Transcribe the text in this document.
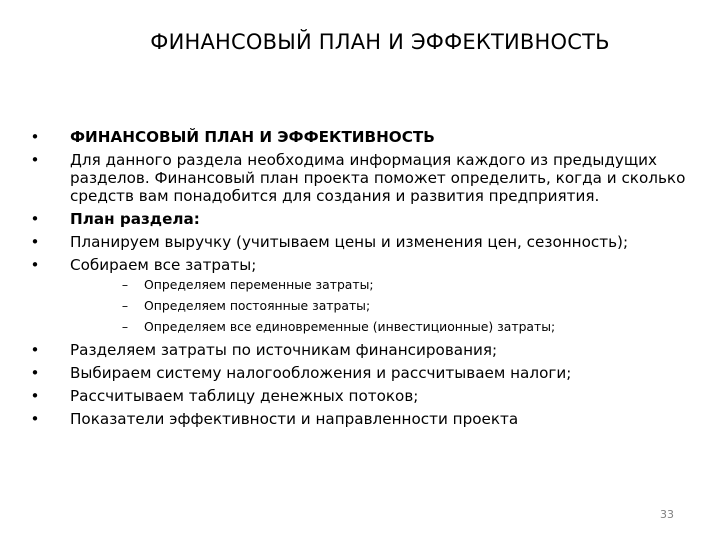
ФИНАНСОВЫЙ ПЛАН И ЭФФЕКТИВНОСТЬ
• ФИНАНСОВЫЙ ПЛАН И ЭФФЕКТИВНОСТЬ
• Для данного раздела необходима информация каждого из предыдущих разделов. Финансовый план проекта поможет определить, когда и сколько средств вам понадобится для создания и развития предприятия.
• План раздела:
• Планируем выручку (учитываем цены и изменения цен, сезонность);
• Собираем все затраты;
–	Определяем переменные затраты;
–	Определяем постоянные затраты;
–	Определяем все единовременные (инвестиционные) затраты;
• Разделяем затраты по источникам финансирования;
• Выбираем систему налогообложения и рассчитываем налоги;
• Рассчитываем таблицу денежных потоков;
• Показатели эффективности и направленности проекта
33
